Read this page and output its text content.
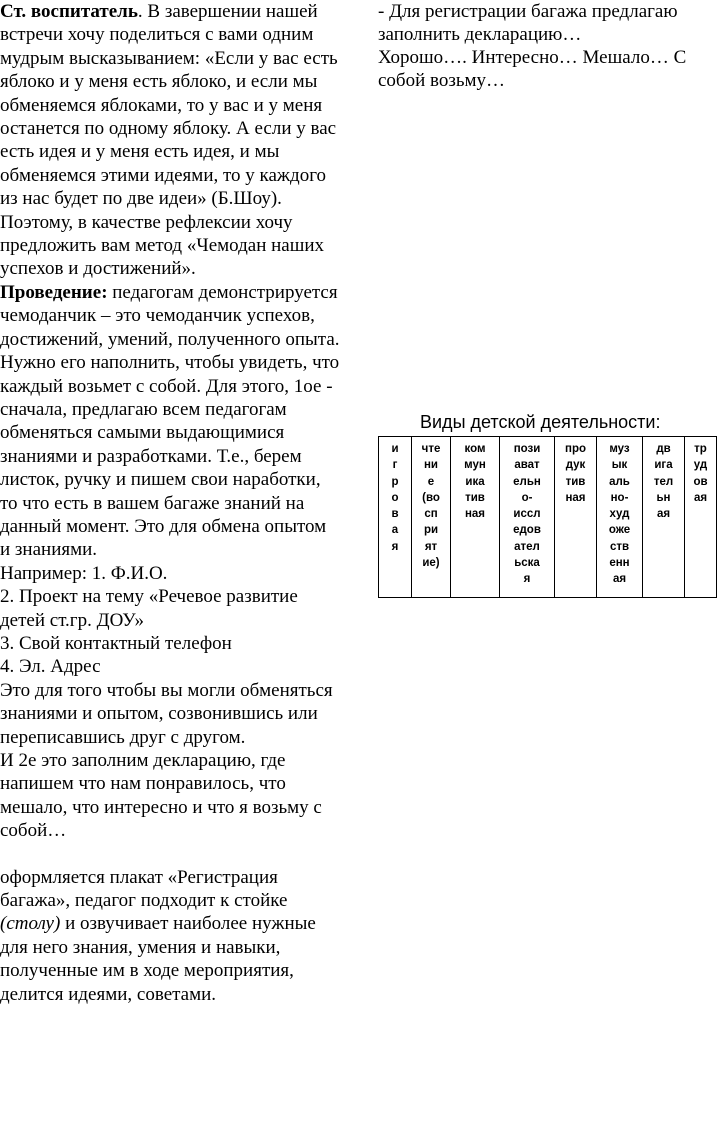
Ст. воспитатель. В завершении нашей встречи хочу поделиться с вами одним мудрым высказыванием: «Если у вас есть яблоко и у меня есть яблоко, и если мы обменяемся яблоками, то у вас и у меня останется по одному яблоку. А если у вас есть идея и у меня есть идея, и мы обменяемся этими идеями, то у каждого из нас будет по две идеи» (Б.Шоу). Поэтому, в качестве рефлексии хочу предложить вам метод «Чемодан наших успехов и достижений».

Проведение: педагогам демонстрируется чемоданчик – это чемоданчик успехов, достижений, умений, полученного опыта. Нужно его наполнить, чтобы увидеть, что каждый возьмет с собой. Для этого, 1ое - сначала, предлагаю всем педагогам обменяться самыми выдающимися знаниями и разработками. Т.е., берем листок, ручку и пишем свои наработки, то что есть в вашем багаже знаний на данный момент. Это для обмена опытом и знаниями.

Например: 1. Ф.И.О.

2. Проект на тему «Речевое развитие детей ст.гр. ДОУ»

3. Свой контактный телефон

4. Эл. Адрес

Это для того чтобы вы могли обменяться знаниями и опытом, созвонившись или переписавшись друг с другом.

И 2е это заполним декларацию, где напишем что нам понравилось, что мешало, что интересно и что я возьму с собой…

оформляется плакат «Регистрация багажа», педагог подходит к стойке (столу) и озвучивает наиболее нужные для него знания, умения и навыки, полученные им в ходе мероприятия, делится идеями, советами.

- Для регистрации багажа предлагаю заполнить декларацию…

Хорошо…. Интересно… Мешало… С собой возьму…

Виды детской деятельности:
и
г
р
о
в
а
я

чте
ни
е
(во
сп
ри
ят
ие)

ком
мун
ика
тив
ная

пози
ават
ельн
о-
иссл
едов
ател
ьска
я

про
дук
тив
ная

муз
ык
аль
но-
худ
оже
ств
енн
ая

дв
ига
тел
ьн
ая

тр
уд
ов
ая
